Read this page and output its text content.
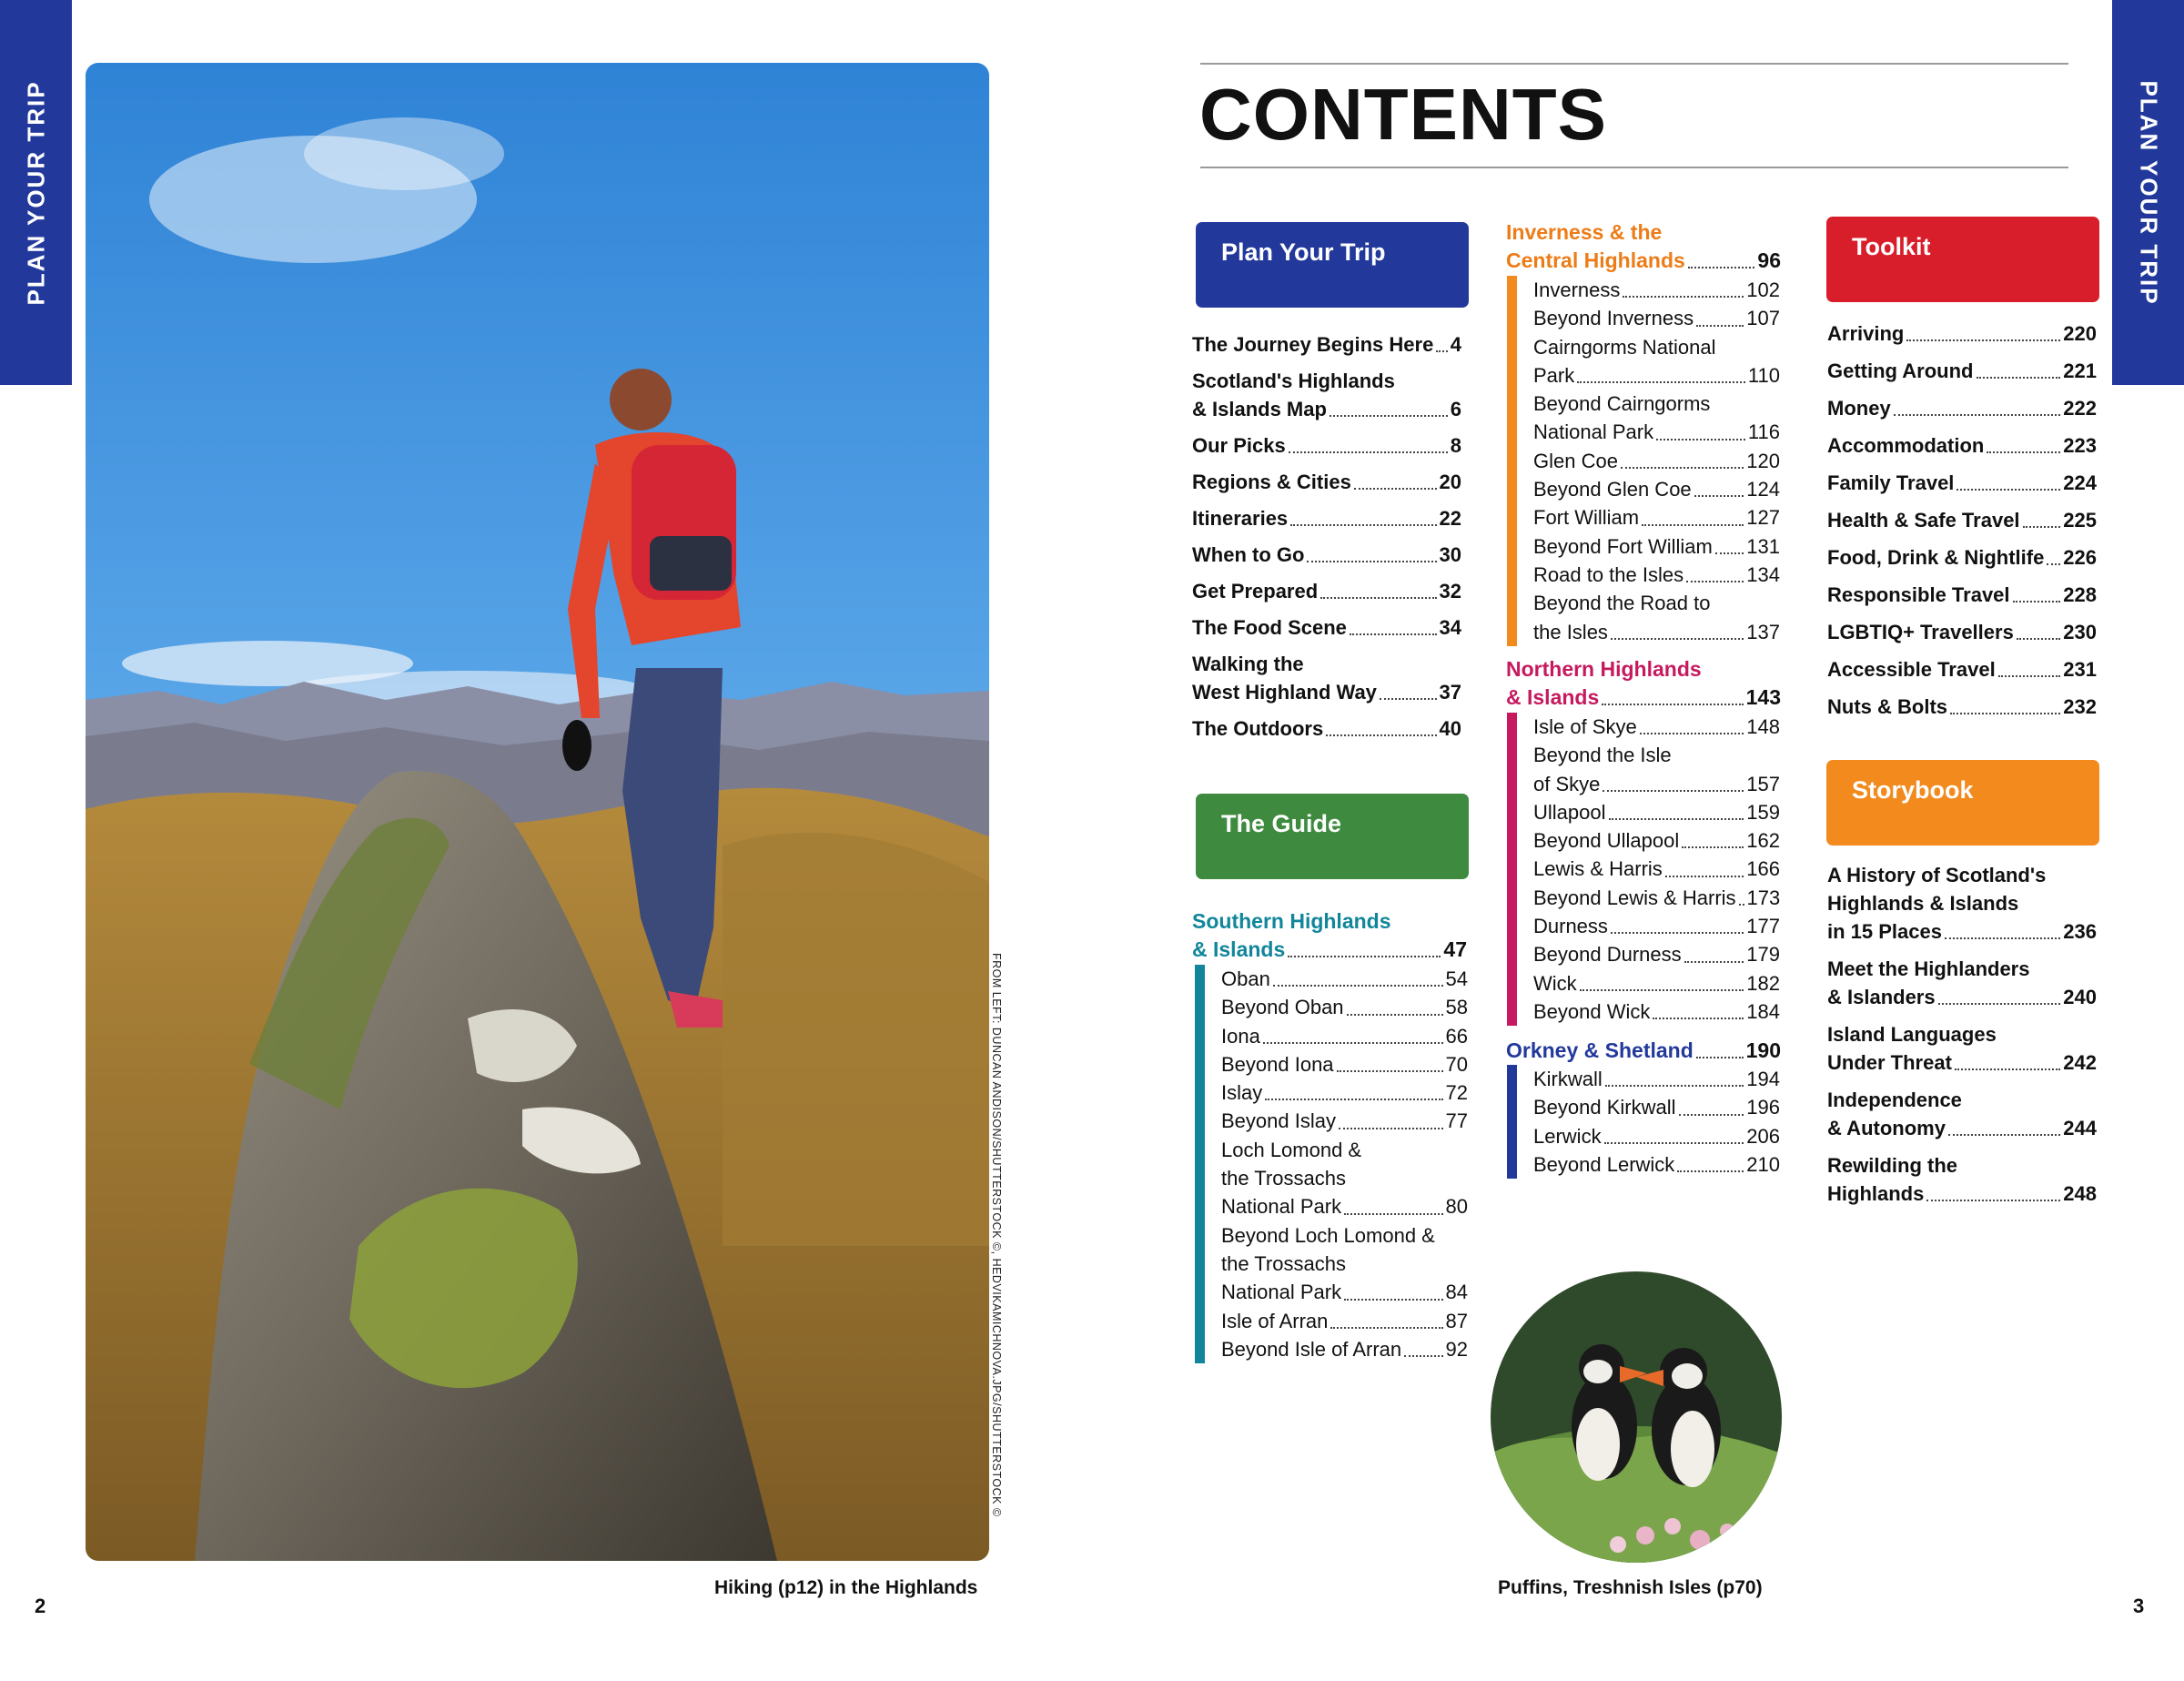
PLAN YOUR TRIP	PLAN YOUR TRIP
FROM LEFT: DUNCAN ANDISON/SHUTTERSTOCK ©, HEDVIKAMICHNOVA.JPG/SHUTTERSTOCK ©
Hiking (p12) in the Highlands
2	3
CONTENTS
Plan Your Trip
The Journey Begins Here 4
Scotland's Highlands
& Islands Map	6
Our Picks	8
Regions & Cities	20
Itineraries	22
When to Go	30
Get Prepared	32
The Food Scene	34
Walking the
West Highland Way	37
The Outdoors	40
The Guide
Southern Highlands
& Islands	47
Oban	54
Beyond Oban	58
Iona	66
Beyond Iona	70
Islay	72
Beyond Islay	77
Loch Lomond &
the Trossachs
National Park	80
Beyond Loch Lomond &
the Trossachs
National Park	84
Isle of Arran	87
Beyond Isle of Arran 92
Inverness & the
Central Highlands	96
Inverness	102
Beyond Inverness	107
Cairngorms National
Park	110
Beyond Cairngorms
National Park	116
Glen Coe	120
Beyond Glen Coe	124
Fort William	127
Beyond Fort William 131
Road to the Isles	134
Beyond the Road to
the Isles	137
Northern Highlands
& Islands	143
Isle of Skye	148
Beyond the Isle
of Skye	157
Ullapool	159
Beyond Ullapool	162
Lewis & Harris	166
Beyond Lewis & Harris 173
Durness	177
Beyond Durness	179
Wick	182
Beyond Wick	184
Orkney & Shetland	190
Kirkwall	194
Beyond Kirkwall	196
Lerwick	206
Beyond Lerwick	210
Toolkit
Arriving	220
Getting Around	221
Money	222
Accommodation	223
Family Travel	224
Health & Safe Travel 225
Food, Drink & Nightlife 226
Responsible Travel	228
LGBTIQ+ Travellers 230
Accessible Travel	231
Nuts & Bolts	232
Storybook
A History of Scotland's
Highlands & Islands
in 15 Places	236
Meet the Highlanders
& Islanders	240
Island Languages
Under Threat	242
Independence
& Autonomy	244
Rewilding the
Highlands	248
Puffins, Treshnish Isles (p70)
